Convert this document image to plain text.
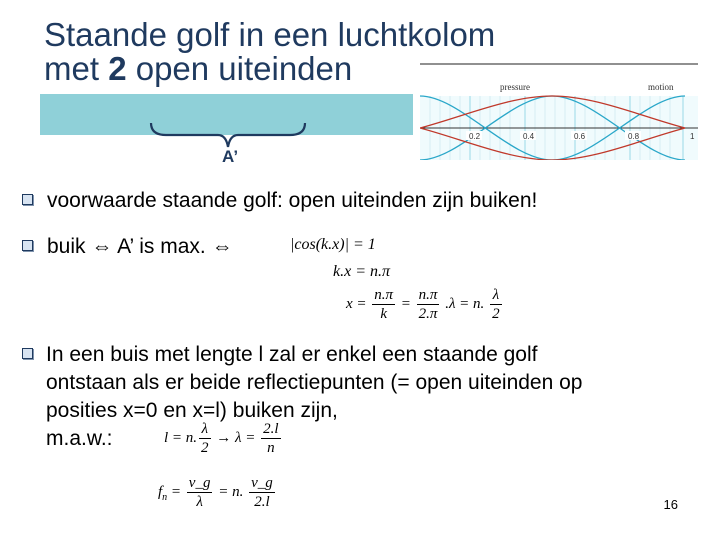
Staande golf in een luchtkolom
met 2 open uiteinden
A’
pressure	motion
0.2	0.4	0.6	0.8	1
voorwaarde staande golf: open uiteinden zijn buiken!
buik ⇔ A’ is max. ⇔	|cos(k.x)| = 1
k.x = n.π
$x = \frac{n.\pi}{k} = \frac{n.\pi}{2.\pi} .\lambda = n$. $\frac{\lambda}{2}$
In een buis met lengte l zal er enkel een staande golf
ontstaan als er beide reflectiepunten (= open uiteinden op
posities x=0 en x=l) buiken zijn,
m.a.w.:	l = n. $\frac{\lambda}{2} \to \lambda = \frac{2.l}{n}$
$f_n = \frac{v\_g}{\lambda} = n$. $\frac{v\_g}{2.l}$	16
